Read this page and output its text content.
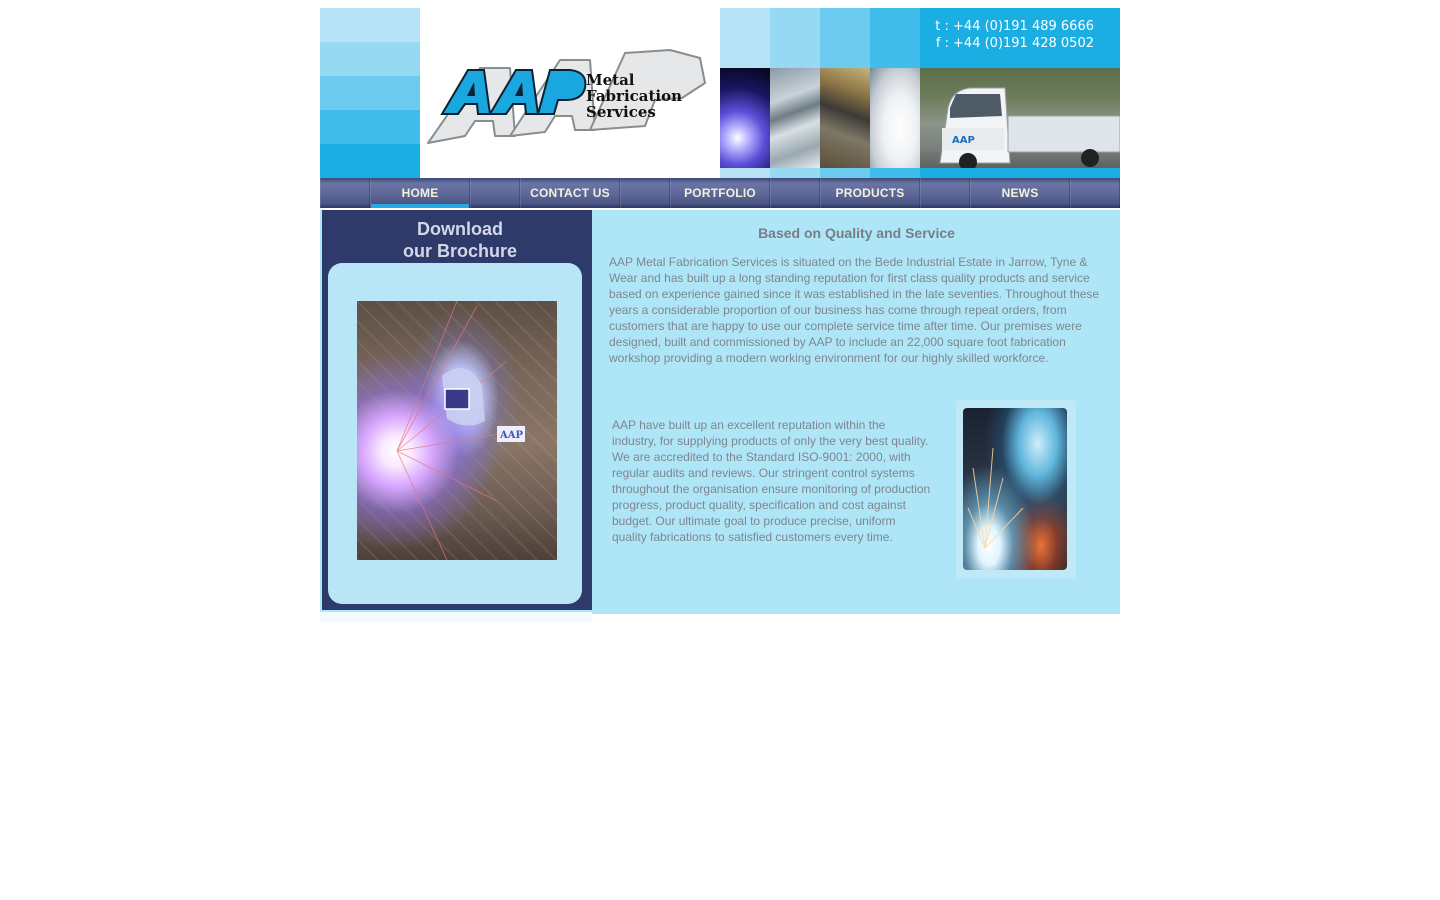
Metal
Fabrication
Services
t : +44 (0)191 489 6666
f : +44 (0)191 428 0502
AAP
HOME	CONTACT US	PORTFOLIO	PRODUCTS	NEWS
Download
our Brochure
AAP
Based on Quality and Service

AAP Metal Fabrication Services is situated on the Bede Industrial Estate in Jarrow, Tyne & Wear and has built up a long standing reputation for first class quality products and service based on experience gained since it was established in the late seventies. Throughout these years a considerable proportion of our business has come through repeat orders, from customers that are happy to use our complete service time after time. Our premises were designed, built and commissioned by AAP to include an 22,000 square foot fabrication workshop providing a modern working environment for our highly skilled workforce.

AAP have built up an excellent reputation within the industry, for supplying products of only the very best quality. We are accredited to the Standard ISO-9001: 2000, with regular audits and reviews. Our stringent control systems throughout the organisation ensure monitoring of production progress, product quality, specification and cost against budget. Our ultimate goal to produce precise, uniform quality fabrications to satisfied customers every time.
